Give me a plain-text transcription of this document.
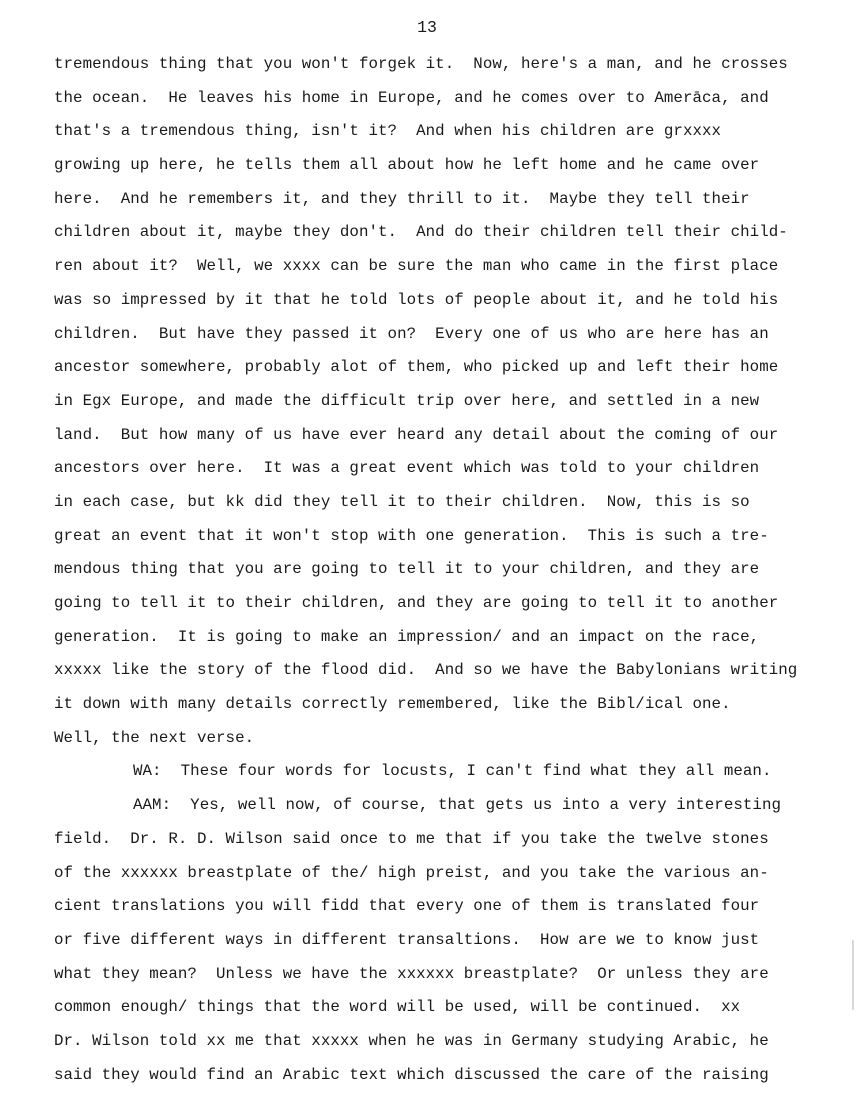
13
tremendous thing that you won't forgek it.  Now, here's a man, and he crosses
the ocean.  He leaves his home in Europe, and he comes over to Amerāca, and
that's a tremendous thing, isn't it?  And when his children are grxxxx
growing up here, he tells them all about how he left home and he came over
here.  And he remembers it, and they thrill to it.  Maybe they tell their
children about it, maybe they don't.  And do their children tell their child-
ren about it?  Well, we xxxx can be sure the man who came in the first place
was so impressed by it that he told lots of people about it, and he told his
children.  But have they passed it on?  Every one of us who are here has an
ancestor somewhere, probably alot of them, who picked up and left their home
in Egx Europe, and made the difficult trip over here, and settled in a new
land.  But how many of us have ever heard any detail about the coming of our
ancestors over here.  It was a great event which was told to your children
in each case, but kk did they tell it to their children.  Now, this is so
great an event that it won't stop with one generation.  This is such a tre-
mendous thing that you are going to tell it to your children, and they are
going to tell it to their children, and they are going to tell it to another
generation.  It is going to make an impression/ and an impact on the race,
xxxxx like the story of the flood did.  And so we have the Babylonians writing
it down with many details correctly remembered, like the Bibl/ical one.
Well, the next verse.
WA:  These four words for locusts, I can't find what they all mean.
AAM:  Yes, well now, of course, that gets us into a very interesting
field.  Dr. R. D. Wilson said once to me that if you take the twelve stones
of the xxxxxx breastplate of the/ high preist, and you take the various an-
cient translations you will fidd that every one of them is translated four
or five different ways in different transaltions.  How are we to know just
what they mean?  Unless we have the xxxxxx breastplate?  Or unless they are
common enough/ things that the word will be used, will be continued.  xx
Dr. Wilson told xx me that xxxxx when he was in Germany studying Arabic, he
said they would find an Arabic text which discussed the care of the raising
